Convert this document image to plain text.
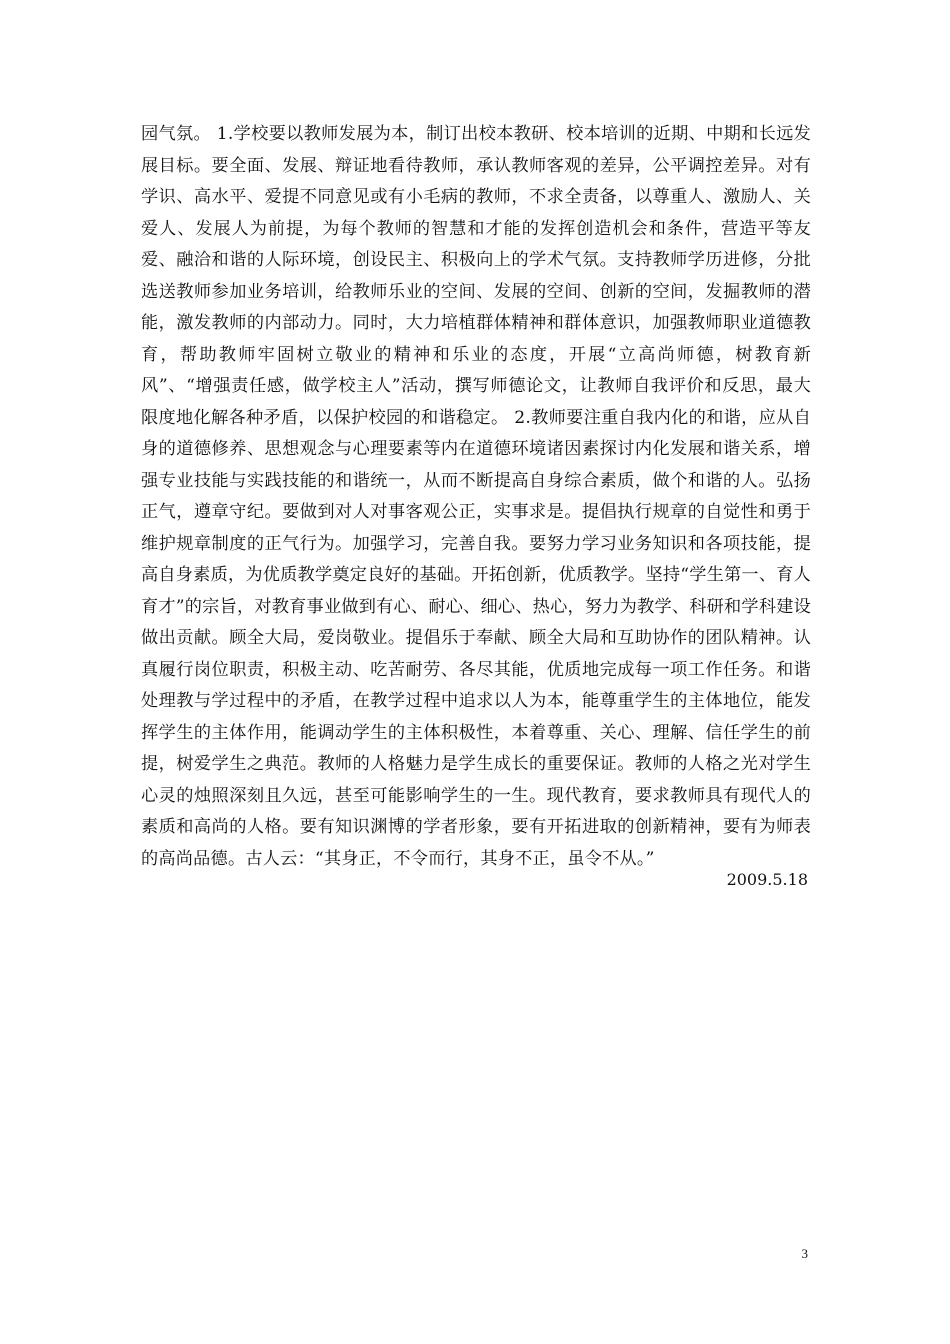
园气氛。 1.学校要以教师发展为本，制订出校本教研、校本培训的近期、中期和长远发展目标。要全面、发展、辩证地看待教师，承认教师客观的差异，公平调控差异。对有学识、高水平、爱提不同意见或有小毛病的教师，不求全责备，以尊重人、激励人、关爱人、发展人为前提，为每个教师的智慧和才能的发挥创造机会和条件，营造平等友爱、融洽和谐的人际环境，创设民主、积极向上的学术气氛。支持教师学历进修，分批选送教师参加业务培训，给教师乐业的空间、发展的空间、创新的空间，发掘教师的潜能，激发教师的内部动力。同时，大力培植群体精神和群体意识，加强教师职业道德教育，帮助教师牢固树立敬业的精神和乐业的态度，开展“立高尚师德，树教育新风”、“增强责任感，做学校主人”活动，撰写师德论文，让教师自我评价和反思，最大限度地化解各种矛盾，以保护校园的和谐稳定。 2.教师要注重自我内化的和谐，应从自身的道德修养、思想观念与心理要素等内在道德环境诸因素探讨内化发展和谐关系，增强专业技能与实践技能的和谐统一，从而不断提高自身综合素质，做个和谐的人。弘扬正气，遵章守纪。要做到对人对事客观公正，实事求是。提倡执行规章的自觉性和勇于维护规章制度的正气行为。加强学习，完善自我。要努力学习业务知识和各项技能，提高自身素质，为优质教学奠定良好的基础。开拓创新，优质教学。坚持“学生第一、育人育才”的宗旨，对教育事业做到有心、耐心、细心、热心，努力为教学、科研和学科建设做出贡献。顾全大局，爱岗敬业。提倡乐于奉献、顾全大局和互助协作的团队精神。认真履行岗位职责，积极主动、吃苦耐劳、各尽其能，优质地完成每一项工作任务。和谐处理教与学过程中的矛盾，在教学过程中追求以人为本，能尊重学生的主体地位，能发挥学生的主体作用，能调动学生的主体积极性，本着尊重、关心、理解、信任学生的前提，树爱学生之典范。教师的人格魅力是学生成长的重要保证。教师的人格之光对学生心灵的烛照深刻且久远，甚至可能影响学生的一生。现代教育，要求教师具有现代人的素质和高尚的人格。要有知识渊博的学者形象，要有开拓进取的创新精神，要有为师表的高尚品德。古人云：“其身正，不令而行，其身不正，虽令不从。”

2009.5.18

3
